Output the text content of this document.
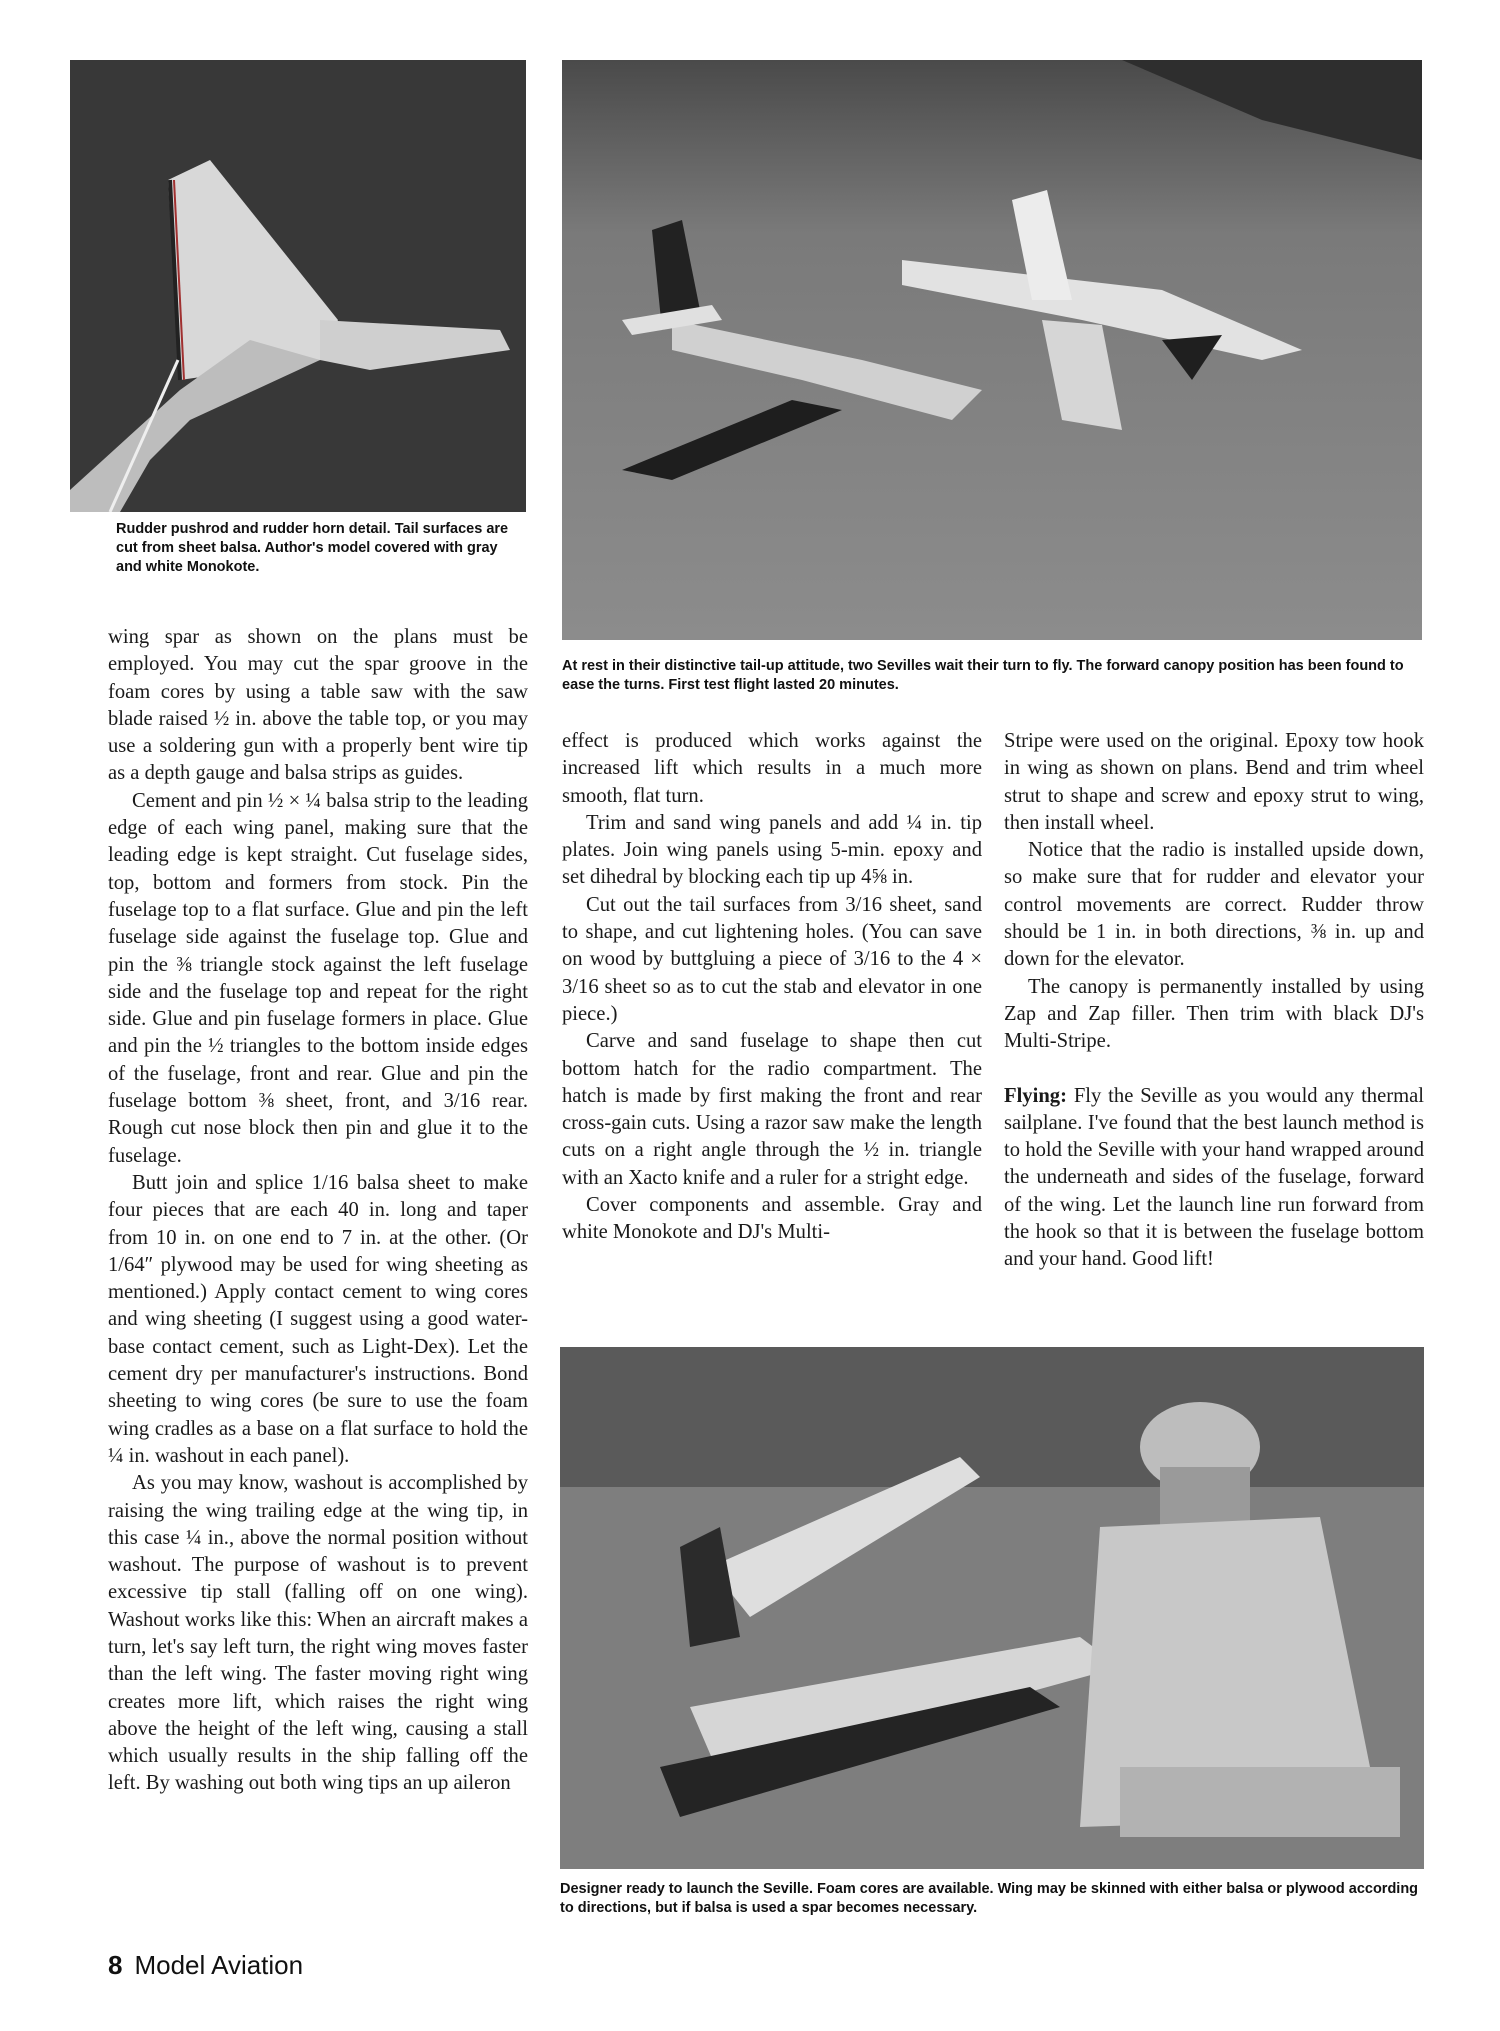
Rudder pushrod and rudder horn detail. Tail surfaces are cut from sheet balsa. Author's model covered with gray and white Monokote.

At rest in their distinctive tail-up attitude, two Sevilles wait their turn to fly. The forward canopy position has been found to ease the turns. First test flight lasted 20 minutes.

Designer ready to launch the Seville. Foam cores are available. Wing may be skinned with either balsa or plywood according to directions, but if balsa is used a spar becomes necessary.

wing spar as shown on the plans must be employed. You may cut the spar groove in the foam cores by using a table saw with the saw blade raised ½ in. above the table top, or you may use a soldering gun with a properly bent wire tip as a depth gauge and balsa strips as guides.

Cement and pin ½ × ¼ balsa strip to the leading edge of each wing panel, making sure that the leading edge is kept straight. Cut fuselage sides, top, bottom and formers from stock. Pin the fuselage top to a flat surface. Glue and pin the left fuselage side against the fuselage top. Glue and pin the ⅜ triangle stock against the left fuselage side and the fuselage top and repeat for the right side. Glue and pin fuselage formers in place. Glue and pin the ½ triangles to the bottom inside edges of the fuselage, front and rear. Glue and pin the fuselage bottom ⅜ sheet, front, and 3/16 rear. Rough cut nose block then pin and glue it to the fuselage.

Butt join and splice 1/16 balsa sheet to make four pieces that are each 40 in. long and taper from 10 in. on one end to 7 in. at the other. (Or 1/64″ plywood may be used for wing sheeting as mentioned.) Apply contact cement to wing cores and wing sheeting (I suggest using a good water-base contact cement, such as Light-Dex). Let the cement dry per manufacturer's instructions. Bond sheeting to wing cores (be sure to use the foam wing cradles as a base on a flat surface to hold the ¼ in. washout in each panel).

As you may know, washout is accomplished by raising the wing trailing edge at the wing tip, in this case ¼ in., above the normal position without washout. The purpose of washout is to prevent excessive tip stall (falling off on one wing). Washout works like this: When an aircraft makes a turn, let's say left turn, the right wing moves faster than the left wing. The faster moving right wing creates more lift, which raises the right wing above the height of the left wing, causing a stall which usually results in the ship falling off the left. By washing out both wing tips an up aileron

effect is produced which works against the increased lift which results in a much more smooth, flat turn.

Trim and sand wing panels and add ¼ in. tip plates. Join wing panels using 5-min. epoxy and set dihedral by blocking each tip up 4⅝ in.

Cut out the tail surfaces from 3/16 sheet, sand to shape, and cut lightening holes. (You can save on wood by buttgluing a piece of 3/16 to the 4 × 3/16 sheet so as to cut the stab and elevator in one piece.)

Carve and sand fuselage to shape then cut bottom hatch for the radio compartment. The hatch is made by first making the front and rear cross-gain cuts. Using a razor saw make the length cuts on a right angle through the ½ in. triangle with an Xacto knife and a ruler for a stright edge.

Cover components and assemble. Gray and white Monokote and DJ's Multi-

Stripe were used on the original. Epoxy tow hook in wing as shown on plans. Bend and trim wheel strut to shape and screw and epoxy strut to wing, then install wheel.

Notice that the radio is installed upside down, so make sure that for rudder and elevator your control movements are correct. Rudder throw should be 1 in. in both directions, ⅜ in. up and down for the elevator.

The canopy is permanently installed by using Zap and Zap filler. Then trim with black DJ's Multi-Stripe.

Flying: Fly the Seville as you would any thermal sailplane. I've found that the best launch method is to hold the Seville with your hand wrapped around the underneath and sides of the fuselage, forward of the wing. Let the launch line run forward from the hook so that it is between the fuselage bottom and your hand. Good lift!

8 Model Aviation
